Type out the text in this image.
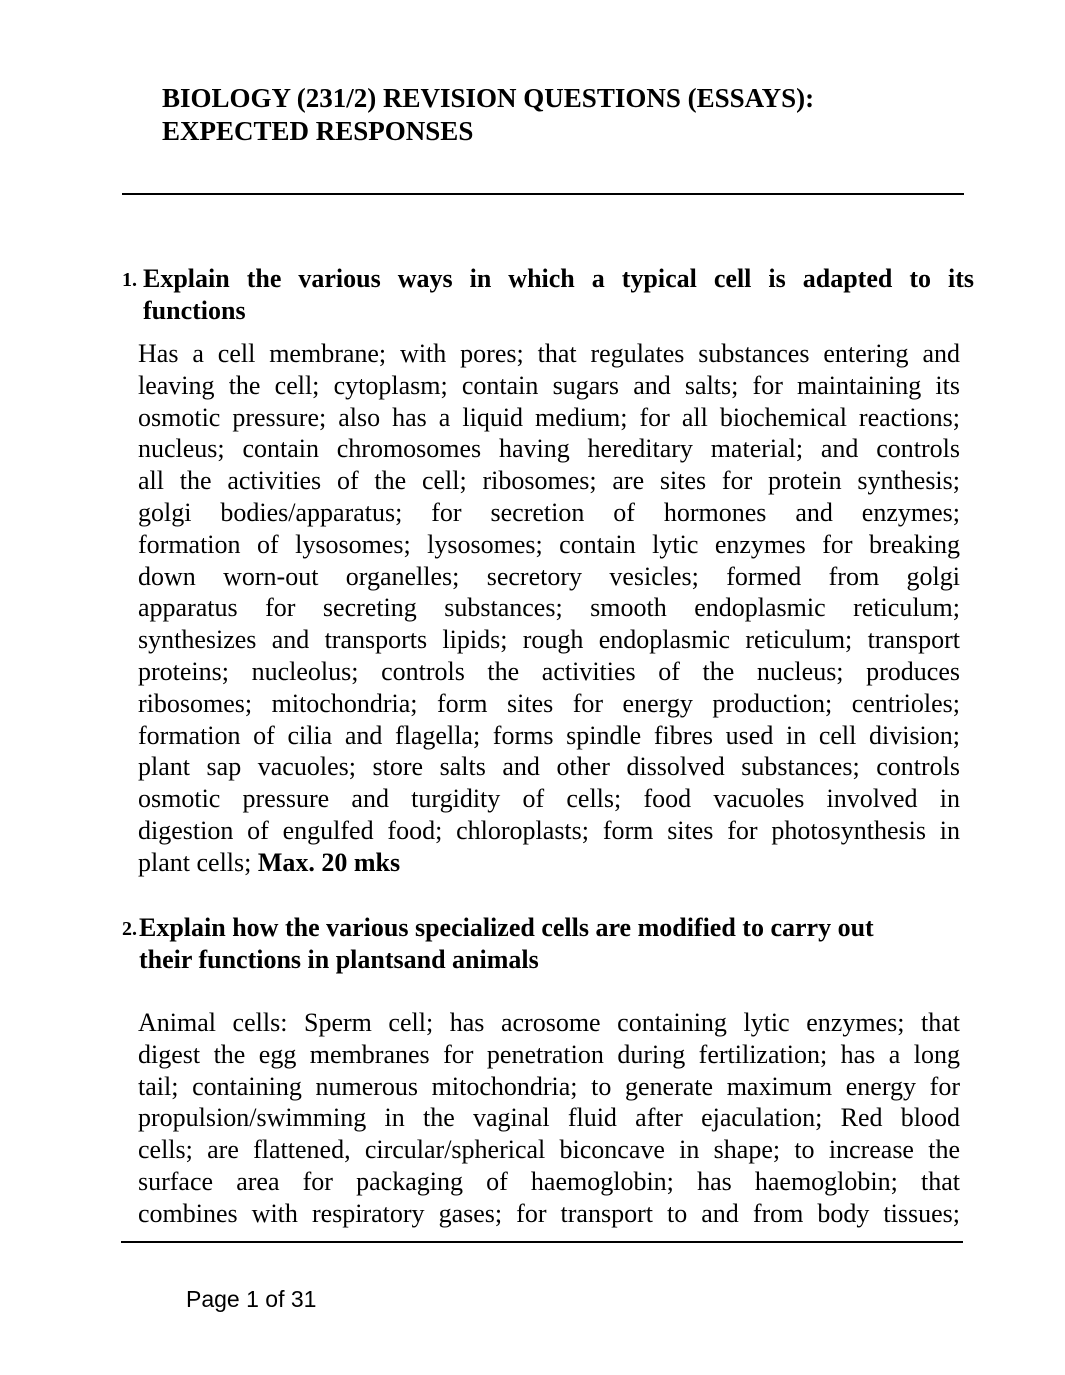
BIOLOGY (231/2) REVISION QUESTIONS (ESSAYS):
EXPECTED RESPONSES
1. Explain the various ways in which a typical cell is adapted to its
functions
Has a cell membrane; with pores; that regulates substances entering and
leaving the cell; cytoplasm; contain sugars and salts; for maintaining its
osmotic pressure; also has a liquid medium; for all biochemical reactions;
nucleus; contain chromosomes having hereditary material; and controls
all the activities of the cell; ribosomes; are sites for protein synthesis;
golgi bodies/apparatus; for secretion of hormones and enzymes;
formation of lysosomes; lysosomes; contain lytic enzymes for breaking
down worn-out organelles; secretory vesicles; formed from golgi
apparatus for secreting substances; smooth endoplasmic reticulum;
synthesizes and transports lipids; rough endoplasmic reticulum; transport
proteins; nucleolus; controls the activities of the nucleus; produces
ribosomes; mitochondria; form sites for energy production; centrioles;
formation of cilia and flagella; forms spindle fibres used in cell division;
plant sap vacuoles; store salts and other dissolved substances; controls
osmotic pressure and turgidity of cells; food vacuoles involved in
digestion of engulfed food; chloroplasts; form sites for photosynthesis in
plant cells; Max. 20 mks
2. Explain how the various specialized cells are modified to carry out
their functions in plantsand animals
Animal cells: Sperm cell; has acrosome containing lytic enzymes; that
digest the egg membranes for penetration during fertilization; has a long
tail; containing numerous mitochondria; to generate maximum energy for
propulsion/swimming in the vaginal fluid after ejaculation; Red blood
cells; are flattened, circular/spherical biconcave in shape; to increase the
surface area for packaging of haemoglobin; has haemoglobin; that
combines with respiratory gases; for transport to and from body tissues;
Page 1 of 31
